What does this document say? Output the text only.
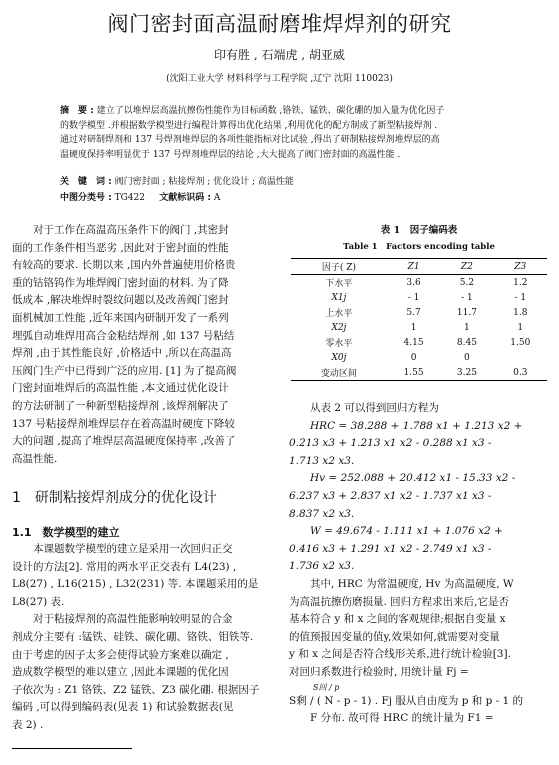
阀门密封面高温耐磨堆焊焊剂的研究
印有胜 , 石端虎 , 胡亚威
(沈阳工业大学 材料科学与工程学院 ,辽宁 沈阳 110023)
摘　要 : 建立了以堆焊层高温抗擦伤性能作为目标函数 ,铬铁、锰铁、碳化硼的加入量为优化因子
的数学模型 .并根据数学模型进行编程计算得出优化结果 ,利用优化的配方制成了新型粘接焊剂 .
通过对研制焊剂和 137 号焊剂堆焊层的各项性能指标对比试验 ,得出了研制粘接焊剂堆焊层的高
温硬度保持率明显优于 137 号焊剂堆焊层的结论 ,大大提高了阀门密封面的高温性能 .
关　键　词 : 阀门密封面 ; 粘接焊剂 ; 优化设计 ; 高温性能
中图分类号 : TG422 文献标识码 : A
对于工作在高温高压条件下的阀门 ,其密封
面的工作条件相当恶劣 ,因此对于密封面的性能
有较高的要求. 长期以来 ,国内外普遍使用价格贵
重的钴铬钨作为堆焊阀门密封面的材料. 为了降
低成本 ,解决堆焊时裂纹问题以及改善阀门密封
面机械加工性能 ,近年来国内研制开发了一系列
埋弧自动堆焊用高合金粘结焊剂 ,如 137 号粘结
焊剂 ,由于其性能良好 ,价格适中 ,所以在高温高
压阀门生产中已得到广泛的应用. [1] 为了提高阀
门密封面堆焊后的高温性能 ,本文通过优化设计
的方法研制了一种新型粘接焊剂 ,该焊剂解决了
137 号粘接焊剂堆焊层存在着高温时硬度下降较
大的问题 ,提高了堆焊层高温硬度保持率 ,改善了
高温性能.
1　研制粘接焊剂成分的优化设计
1.1　数学模型的建立
本课题数学模型的建立是采用一次回归正交
设计的方法[2]. 常用的两水平正交表有 L4(23) ,
L8(27) , L16(215) , L32(231) 等. 本课题采用的是
L8(27) 表.
对于粘接焊剂的高温性能影响较明显的合金
剂成分主要有 :锰铁、硅铁、碳化硼、铬铁、钼铁等.
由于考虑的因子太多会使得试验方案难以确定 ,
造成数学模型的难以建立 ,因此本课题的优化因
子依次为 : Z1 铬铁、Z2 锰铁、Z3 碳化硼. 根据因子
编码 ,可以得到编码表(见表 1) 和试验数据表(见
表 2) .
表 1　因子编码表
Table 1　Factors encoding table
因子( Z)	Z1	Z2	Z3
下水平	3.6	5.2	1.2
X1j	- 1	- 1	- 1
上水平	5.7	11.7	1.8
X2j	1	1	1
零水平	4.15	8.45	1.50
X0j	0	0	
变动区间	1.55	3.25	0.3
从表 2 可以得到回归方程为
HRC = 38.288 + 1.788 x1 + 1.213 x2 +
0.213 x3 + 1.213 x1 x2 - 0.288 x1 x3 -
1.713 x2 x3.
Hv = 252.088 + 20.412 x1 - 15.33 x2 -
6.237 x3 + 2.837 x1 x2 - 1.737 x1 x3 -
8.837 x2 x3.
W = 49.674 - 1.111 x1 + 1.076 x2 +
0.416 x3 + 1.291 x1 x2 - 2.749 x1 x3 -
1.736 x2 x3.
其中, HRC 为常温硬度, Hv 为高温硬度, W
为高温抗擦伤磨损量. 回归方程求出来后,它是否
基本符合 y 和 x 之间的客观规律;根据自变量 x
的值预报因变量的值y,效果如何,就需要对变量
y 和 x 之间是否符合线形关系,进行统计检验[3].
对回归系数进行检验时, 用统计量 Fj =
S回 / p
S剩 / ( N - p - 1) . Fj 服从自由度为 p 和 p - 1 的
F 分布. 故可得 HRC 的统计量为 F1 =
